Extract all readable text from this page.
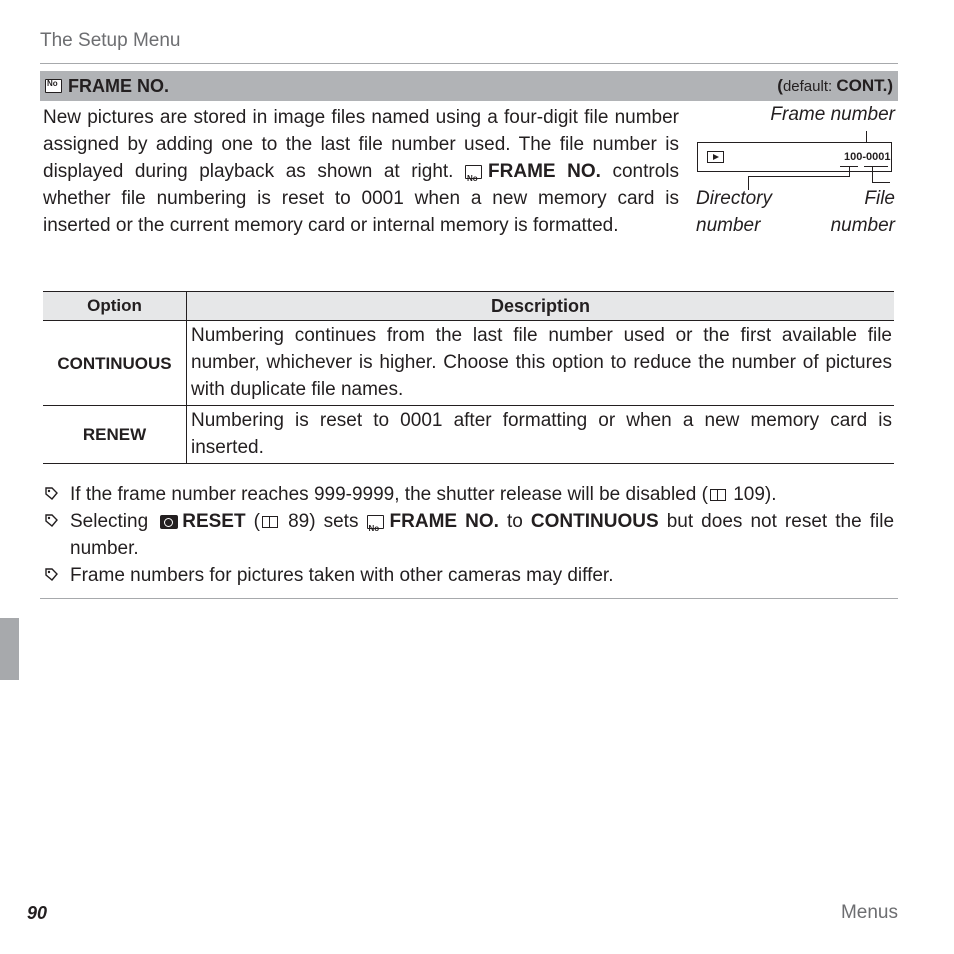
The Setup Menu
No
FRAME NO.	(default: CONT.)

New pictures are stored in image files named using a four-digit file number assigned by adding one to the last file number used. The file number is displayed during playback as shown at right. No FRAME NO. controls whether file numbering is reset to 0001 when a new memory card is inserted or the current memory card or internal memory is formatted.

Frame number
100-0001
Directory
number
File
number
Option	Description
CONTINUOUS	Numbering continues from the last file number used or the first available file number, whichever is higher. Choose this option to reduce the number of pictures with duplicate file names.
RENEW	Numbering is reset to 0001 after formatting or when a new memory card is inserted.
If the frame number reaches 999-9999, the shutter release will be disabled ( 109).
Selecting RESET ( 89) sets NoFRAME NO. to CONTINUOUS but does not reset the file number.
Frame numbers for pictures taken with other cameras may differ.
90	Menus
